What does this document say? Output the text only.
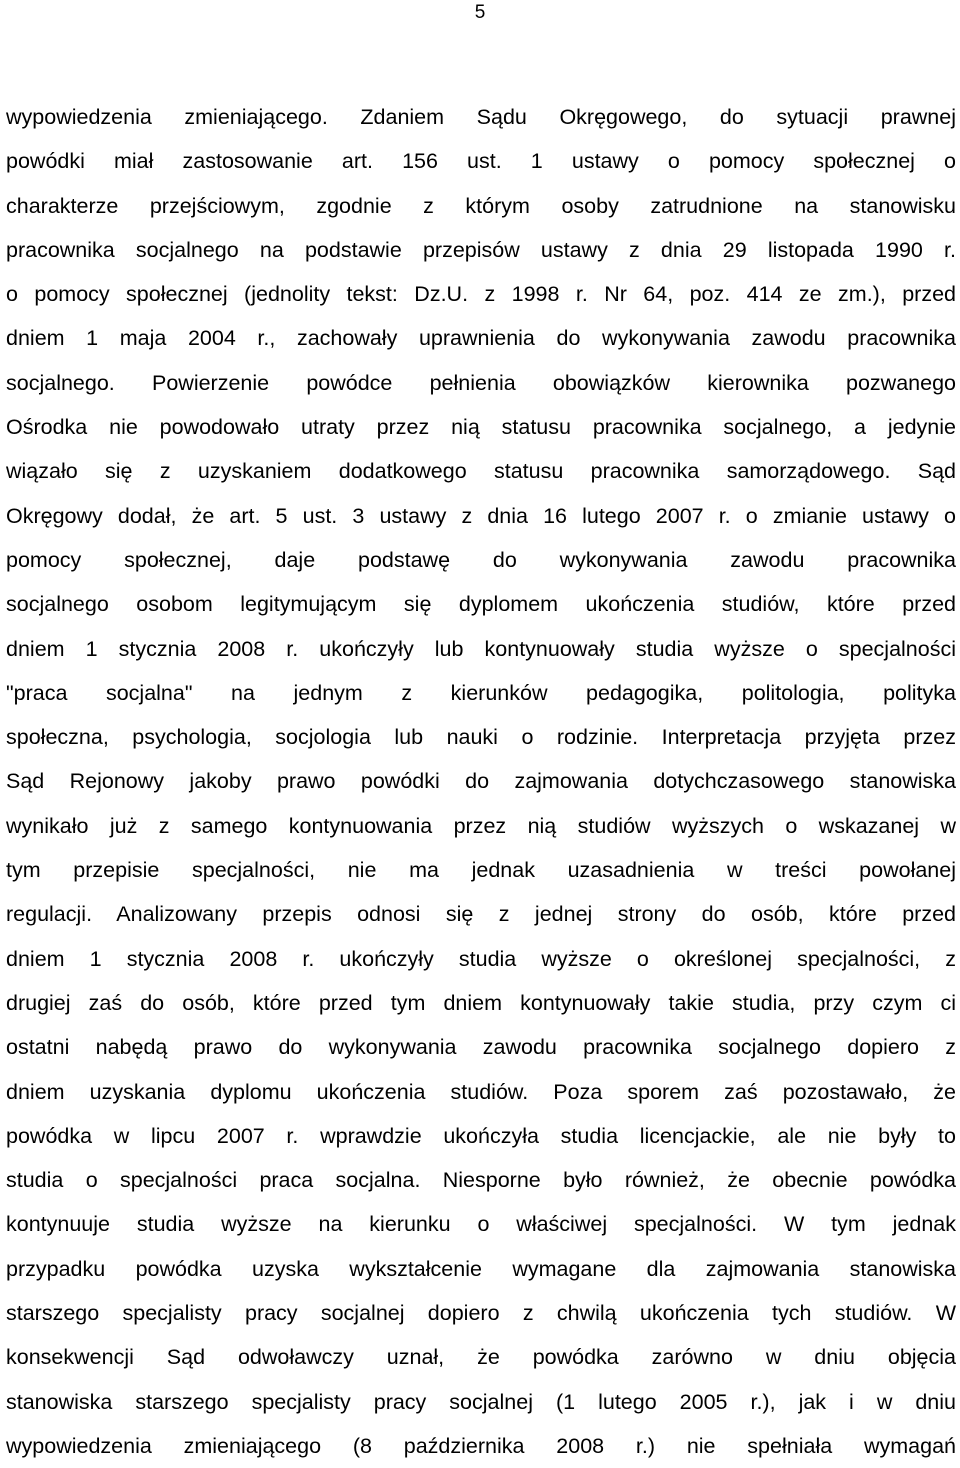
5
wypowiedzenia zmieniającego. Zdaniem Sądu Okręgowego, do sytuacji prawnej
powódki miał zastosowanie art. 156 ust. 1 ustawy o pomocy społecznej o
charakterze przejściowym, zgodnie z którym osoby zatrudnione na stanowisku
pracownika socjalnego na podstawie przepisów ustawy z dnia 29 listopada 1990 r.
o pomocy społecznej (jednolity tekst: Dz.U. z 1998 r. Nr 64, poz. 414 ze zm.), przed
dniem 1 maja 2004 r., zachowały uprawnienia do wykonywania zawodu pracownika
socjalnego. Powierzenie powódce pełnienia obowiązków kierownika pozwanego
Ośrodka nie powodowało utraty przez nią statusu pracownika socjalnego, a jedynie
wiązało się z uzyskaniem dodatkowego statusu pracownika samorządowego. Sąd
Okręgowy dodał, że art. 5 ust. 3 ustawy z dnia 16 lutego 2007 r. o zmianie ustawy o
pomocy społecznej, daje podstawę do wykonywania zawodu pracownika
socjalnego osobom legitymującym się dyplomem ukończenia studiów, które przed
dniem 1 stycznia 2008 r. ukończyły lub kontynuowały studia wyższe o specjalności
"praca socjalna" na jednym z kierunków pedagogika, politologia, polityka
społeczna, psychologia, socjologia lub nauki o rodzinie. Interpretacja przyjęta przez
Sąd Rejonowy jakoby prawo powódki do zajmowania dotychczasowego stanowiska
wynikało już z samego kontynuowania przez nią studiów wyższych o wskazanej w
tym przepisie specjalności, nie ma jednak uzasadnienia w treści powołanej
regulacji. Analizowany przepis odnosi się z jednej strony do osób, które przed
dniem 1 stycznia 2008 r. ukończyły studia wyższe o określonej specjalności, z
drugiej zaś do osób, które przed tym dniem kontynuowały takie studia, przy czym ci
ostatni nabędą prawo do wykonywania zawodu pracownika socjalnego dopiero z
dniem uzyskania dyplomu ukończenia studiów. Poza sporem zaś pozostawało, że
powódka w lipcu 2007 r. wprawdzie ukończyła studia licencjackie, ale nie były to
studia o specjalności praca socjalna. Niesporne było również, że obecnie powódka
kontynuuje studia wyższe na kierunku o właściwej specjalności. W tym jednak
przypadku powódka uzyska wykształcenie wymagane dla zajmowania stanowiska
starszego specjalisty pracy socjalnej dopiero z chwilą ukończenia tych studiów. W
konsekwencji Sąd odwoławczy uznał, że powódka zarówno w dniu objęcia
stanowiska starszego specjalisty pracy socjalnej (1 lutego 2005 r.), jak i w dniu
wypowiedzenia zmieniającego (8 października 2008 r.) nie spełniała wymagań
